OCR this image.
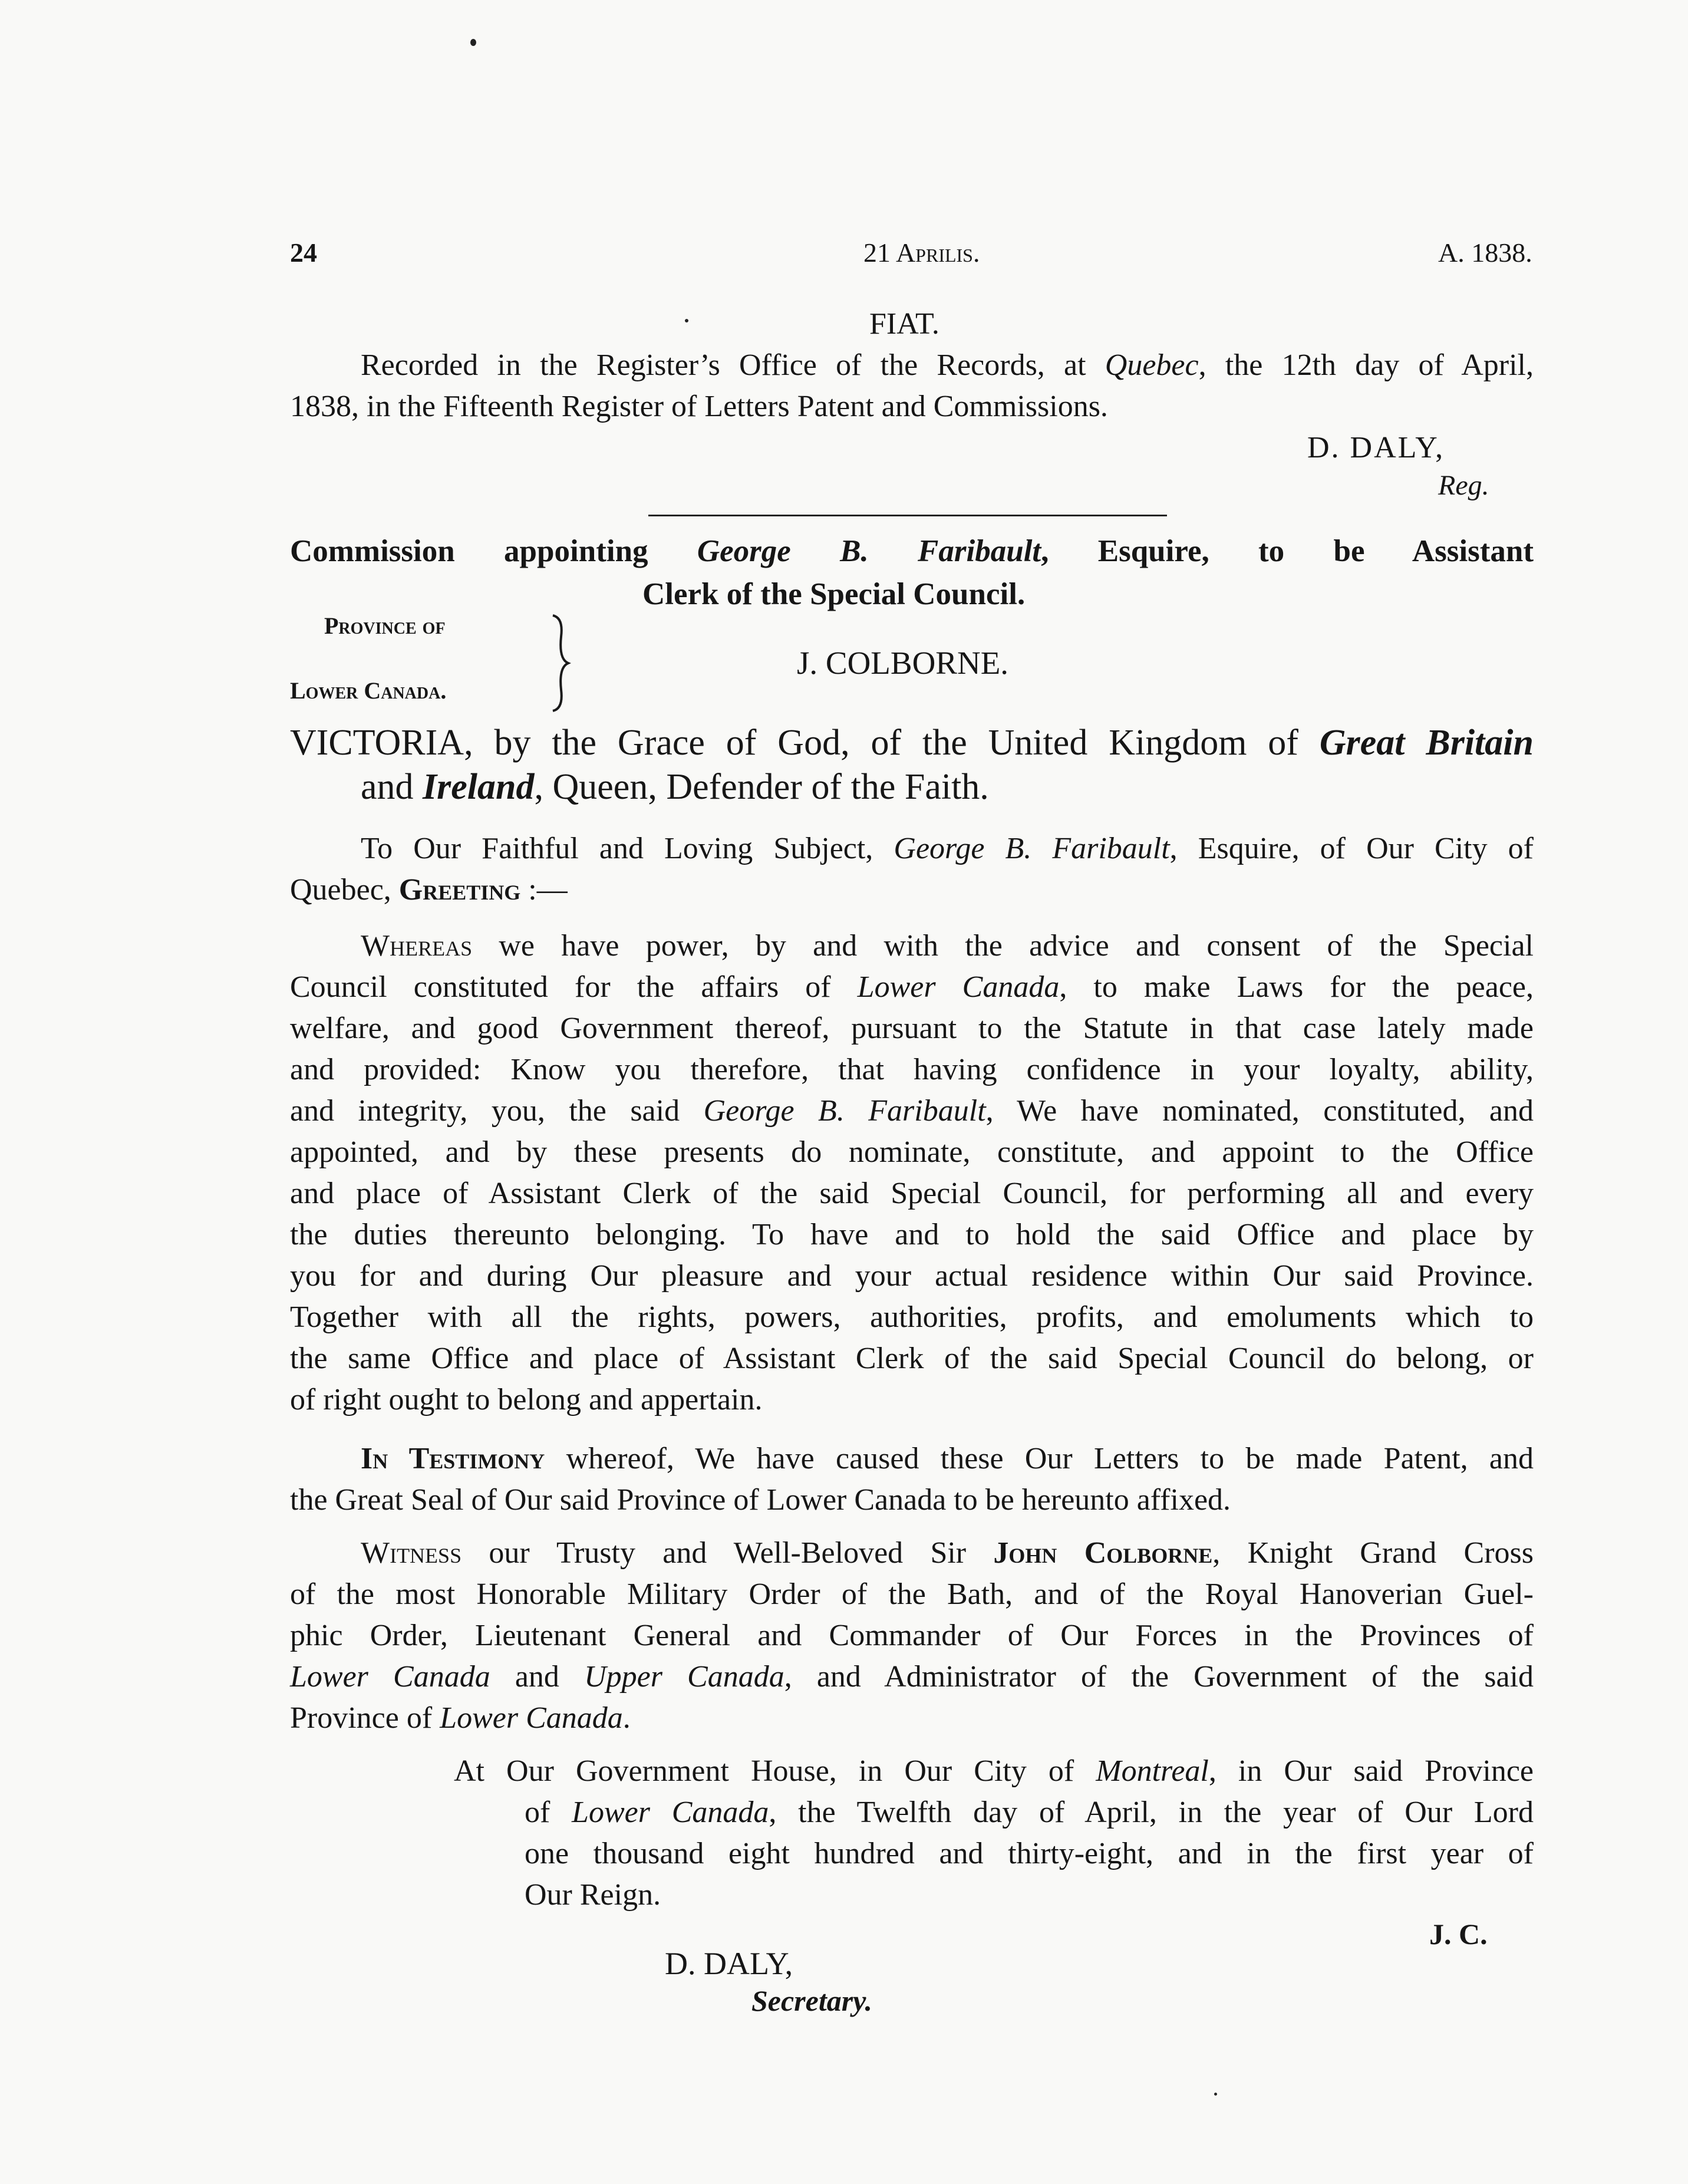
24	21 Aprilis.	A. 1838.
FIAT.
Recorded in the Register’s Office of the Records, at Quebec, the 12th day of April,
1838, in the Fifteenth Register of Letters Patent and Commissions.
D. DALY,
Reg.
Commission appointing George B. Faribault, Esquire, to be Assistant
Clerk of the Special Council.
Province of
Lower Canada.
J. COLBORNE.
VICTORIA, by the Grace of God, of the United Kingdom of Great Britain
and Ireland, Queen, Defender of the Faith.
To Our Faithful and Loving Subject, George B. Faribault, Esquire, of Our City of
Quebec, Greeting :—
Whereas we have power, by and with the advice and consent of the Special
Council constituted for the affairs of Lower Canada, to make Laws for the peace,
welfare, and good Government thereof, pursuant to the Statute in that case lately made
and provided: Know you therefore, that having confidence in your loyalty, ability,
and integrity, you, the said George B. Faribault, We have nominated, constituted, and
appointed, and by these presents do nominate, constitute, and appoint to the Office
and place of Assistant Clerk of the said Special Council, for performing all and every
the duties thereunto belonging. To have and to hold the said Office and place by
you for and during Our pleasure and your actual residence within Our said Province.
Together with all the rights, powers, authorities, profits, and emoluments which to
the same Office and place of Assistant Clerk of the said Special Council do belong, or
of right ought to belong and appertain.
In Testimony whereof, We have caused these Our Letters to be made Patent, and
the Great Seal of Our said Province of Lower Canada to be hereunto affixed.
Witness our Trusty and Well-Beloved Sir John Colborne, Knight Grand Cross
of the most Honorable Military Order of the Bath, and of the Royal Hanoverian Guel-
phic Order, Lieutenant General and Commander of Our Forces in the Provinces of
Lower Canada and Upper Canada, and Administrator of the Government of the said
Province of Lower Canada.
At Our Government House, in Our City of Montreal, in Our said Province
of Lower Canada, the Twelfth day of April, in the year of Our Lord
one thousand eight hundred and thirty-eight, and in the first year of
Our Reign.
J. C.
D. DALY,
Secretary.
